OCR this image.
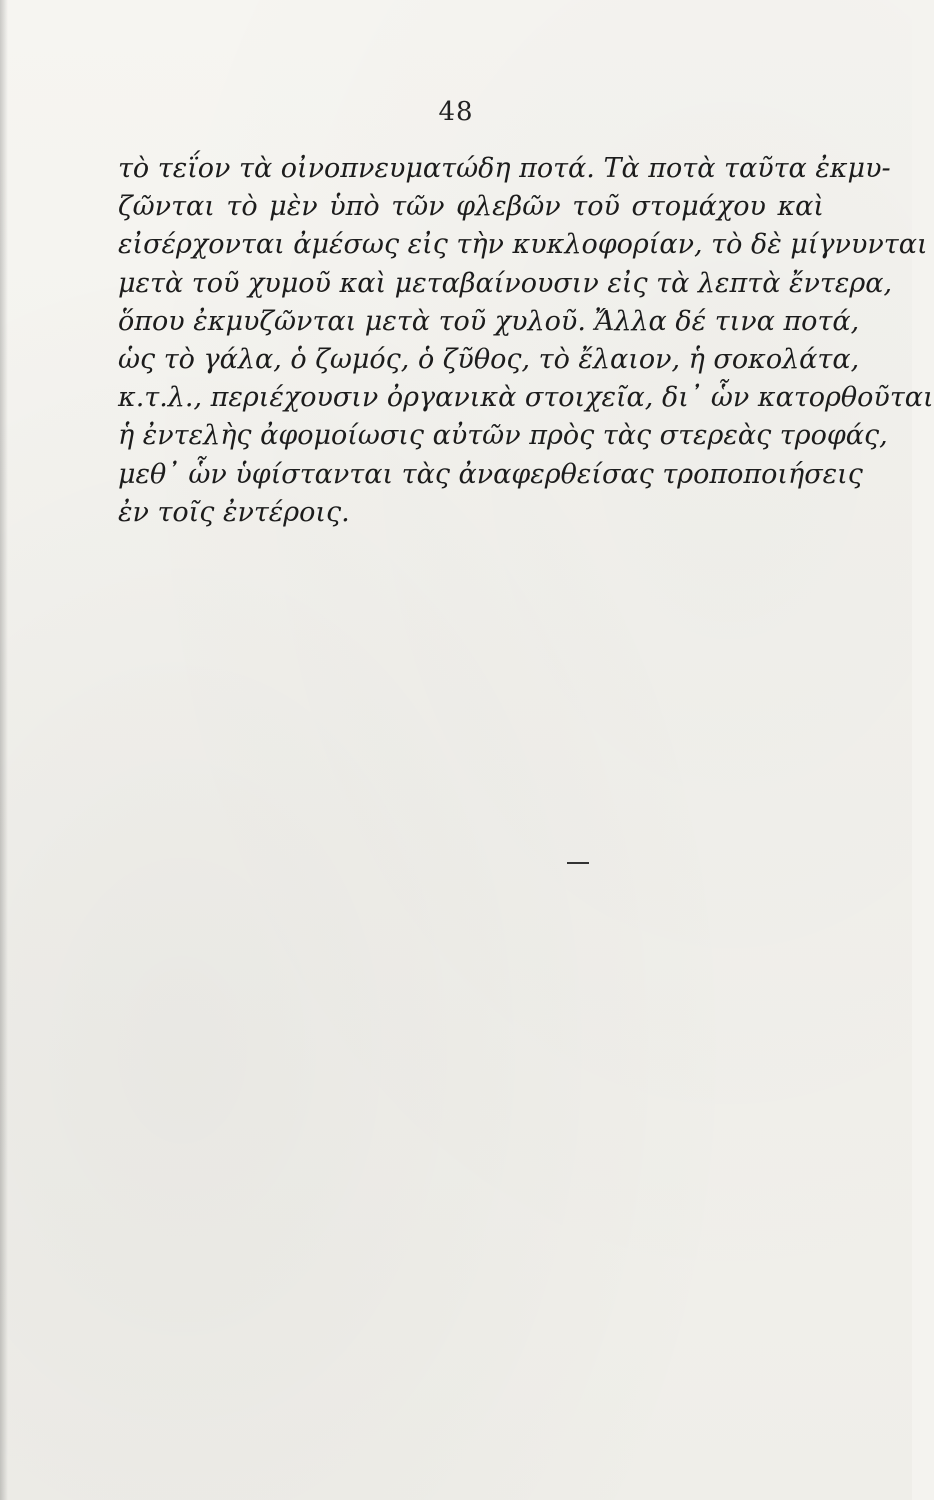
48
τὸ τεΐον τὰ οἰνοπνευματώδη ποτά. Τὰ ποτὰ ταῦτα ἐκμυ-
ζῶνται τὸ μὲν ὑπὸ τῶν φλεβῶν τοῦ στομάχου καὶ
εἰσέρχονται ἀμέσως εἰς τὴν κυκλοφορίαν, τὸ δὲ μίγνυνται
μετὰ τοῦ χυμοῦ καὶ μεταβαίνουσιν εἰς τὰ λεπτὰ ἔντερα,
ὅπου ἐκμυζῶνται μετὰ τοῦ χυλοῦ. Ἄλλα δέ τινα ποτά,
ὡς τὸ γάλα, ὁ ζωμός, ὁ ζῦθος, τὸ ἔλαιον, ἡ σοκολάτα,
κ.τ.λ., περιέχουσιν ὀργανικὰ στοιχεῖα, δι᾽ ὧν κατορθοῦται
ἡ ἐντελὴς ἀφομοίωσις αὐτῶν πρὸς τὰς στερεὰς τροφάς,
μεθ᾽ ὧν ὑφίστανται τὰς ἀναφερθείσας τροποποιήσεις
ἐν τοῖς ἐντέροις.
